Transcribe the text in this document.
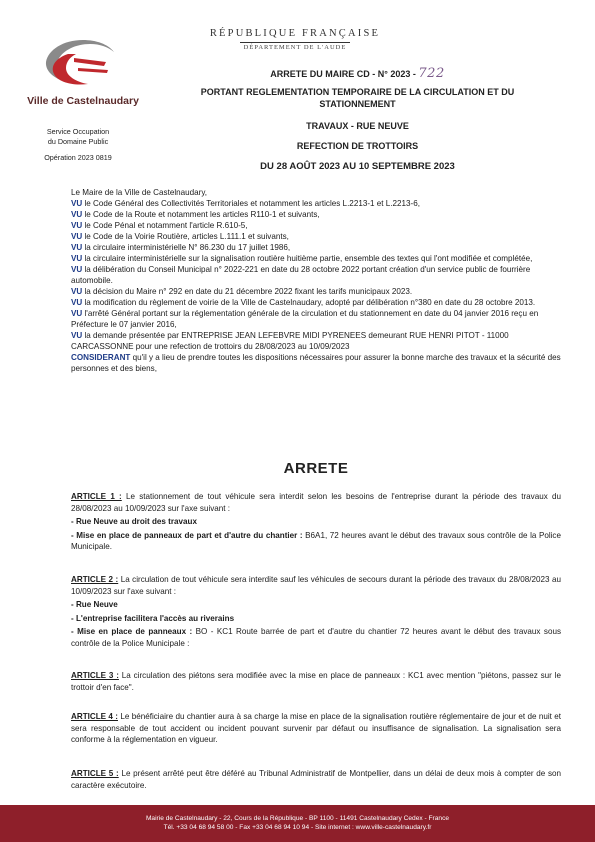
Ville de Castelnaudary
RÉPUBLIQUE FRANÇAISE
DÉPARTEMENT DE L'AUDE
Service Occupation
du Domaine Public
Opération 2023 0819
ARRETE DU MAIRE CD - N° 2023 - 722
PORTANT REGLEMENTATION TEMPORAIRE DE LA CIRCULATION ET DU
STATIONNEMENT
TRAVAUX - RUE NEUVE
REFECTION DE TROTTOIRS
DU 28 AOÛT 2023 AU 10 SEPTEMBRE 2023

Le Maire de la Ville de Castelnaudary,

VU le Code Général des Collectivités Territoriales et notamment les articles L.2213-1 et L.2213-6,

VU le Code de la Route et notamment les articles R110-1 et suivants,

VU le Code Pénal et notamment l'article R.610-5,

VU le Code de la Voirie Routière, articles L.111.1 et suivants,

VU la circulaire interministérielle N° 86.230 du 17 juillet 1986,

VU la circulaire interministérielle sur la signalisation routière huitième partie, ensemble des textes qui l'ont modifiée et complétée,

VU la délibération du Conseil Municipal n° 2022-221 en date du 28 octobre 2022 portant création d'un service public de fourrière automobile.

VU la décision du Maire n° 292 en date du 21 décembre 2022 fixant les tarifs municipaux 2023.

VU la modification du règlement de voirie de la Ville de Castelnaudary, adopté par délibération n°380 en date du 28 octobre 2013.

VU l'arrêté Général portant sur la réglementation générale de la circulation et du stationnement en date du 04 janvier 2016 reçu en Préfecture le 07 janvier 2016,

VU la demande présentée par ENTREPRISE JEAN LEFEBVRE MIDI PYRENEES demeurant RUE HENRI PITOT - 11000 CARCASSONNE pour une refection de trottoirs du 28/08/2023 au 10/09/2023

CONSIDERANT qu'il y a lieu de prendre toutes les dispositions nécessaires pour assurer la bonne marche des travaux et la sécurité des personnes et des biens,

ARRETE

ARTICLE 1 : Le stationnement de tout véhicule sera interdit selon les besoins de l'entreprise durant la période des travaux du 28/08/2023 au 10/09/2023 sur l'axe suivant :

- Rue Neuve au droit des travaux

- Mise en place de panneaux de part et d'autre du chantier : B6A1, 72 heures avant le début des travaux sous contrôle de la Police Municipale.

ARTICLE 2 : La circulation de tout véhicule sera interdite sauf les véhicules de secours durant la période des travaux du 28/08/2023 au 10/09/2023 sur l'axe suivant :

- Rue Neuve

- L'entreprise facilitera l'accès au riverains

- Mise en place de panneaux : BO - KC1 Route barrée de part et d'autre du chantier 72 heures avant le début des travaux sous contrôle de la Police Municipale :

ARTICLE 3 : La circulation des piétons sera modifiée avec la mise en place de panneaux : KC1 avec mention "piétons, passez sur le trottoir d'en face".

ARTICLE 4 : Le bénéficiaire du chantier aura à sa charge la mise en place de la signalisation routière réglementaire de jour et de nuit et sera responsable de tout accident ou incident pouvant survenir par défaut ou insuffisance de signalisation. La signalisation sera conforme à la réglementation en vigueur.

ARTICLE 5 : Le présent arrêté peut être déféré au Tribunal Administratif de Montpellier, dans un délai de deux mois à compter de son caractère exécutoire.

Mairie de Castelnaudary - 22, Cours de la République - BP 1100 - 11491 Castelnaudary Cedex - France
Tél. +33 04 68 94 58 00 - Fax +33 04 68 94 10 94 - Site internet : www.ville-castelnaudary.fr
